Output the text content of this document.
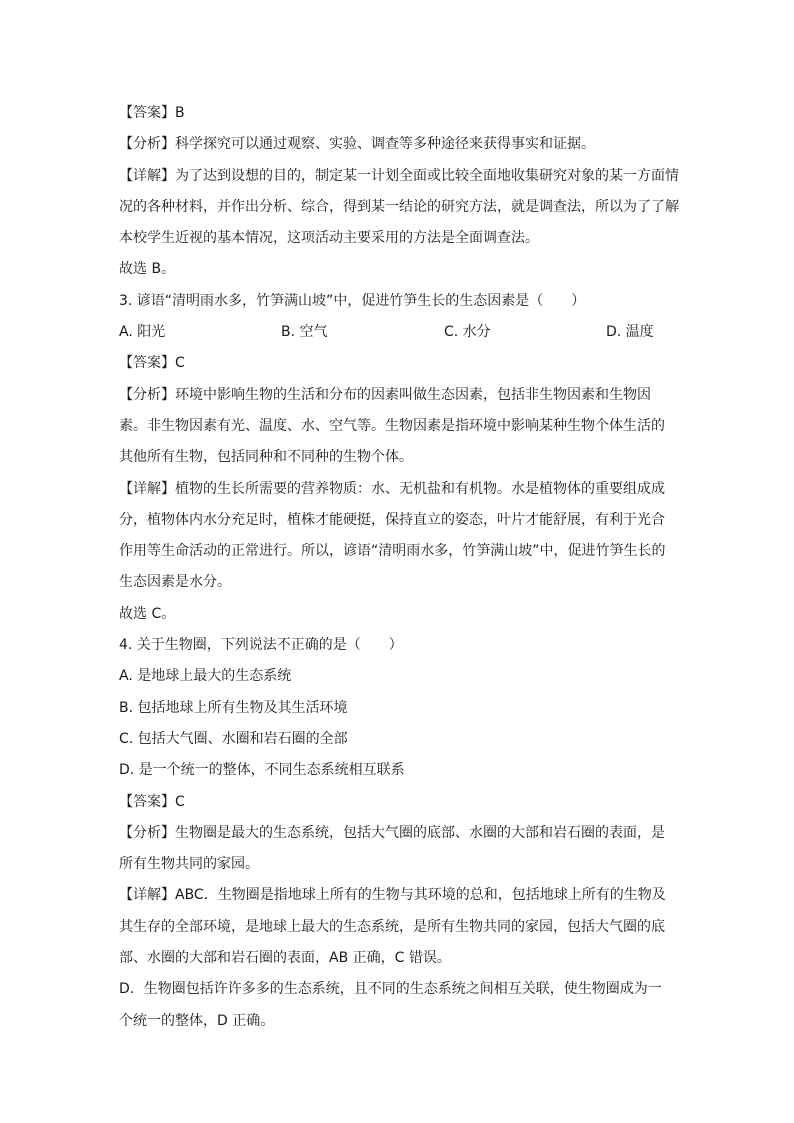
【答案】B
【分析】科学探究可以通过观察、实验、调查等多种途径来获得事实和证据。
【详解】为了达到设想的目的，制定某一计划全面或比较全面地收集研究对象的某一方面情
况的各种材料，并作出分析、综合，得到某一结论的研究方法，就是调查法，所以为了了解
本校学生近视的基本情况，这项活动主要采用的方法是全面调查法。
故选 B。
3. 谚语“清明雨水多，竹笋满山坡”中，促进竹笋生长的生态因素是（　　）
A. 阳光	B. 空气	C. 水分	D. 温度
【答案】C
【分析】环境中影响生物的生活和分布的因素叫做生态因素，包括非生物因素和生物因
素。非生物因素有光、温度、水、空气等。生物因素是指环境中影响某种生物个体生活的
其他所有生物，包括同种和不同种的生物个体。
【详解】植物的生长所需要的营养物质：水、无机盐和有机物。水是植物体的重要组成成
分，植物体内水分充足时，植株才能硬挺，保持直立的姿态，叶片才能舒展，有利于光合
作用等生命活动的正常进行。所以，谚语“清明雨水多，竹笋满山坡”中，促进竹笋生长的
生态因素是水分。
故选 C。
4. 关于生物圈，下列说法不正确的是（　　）
A. 是地球上最大的生态系统
B. 包括地球上所有生物及其生活环境
C. 包括大气圈、水圈和岩石圈的全部
D. 是一个统一的整体，不同生态系统相互联系
【答案】C
【分析】生物圈是最大的生态系统，包括大气圈的底部、水圈的大部和岩石圈的表面，是
所有生物共同的家园。
【详解】ABC．生物圈是指地球上所有的生物与其环境的总和，包括地球上所有的生物及
其生存的全部环境，是地球上最大的生态系统，是所有生物共同的家园，包括大气圈的底
部、水圈的大部和岩石圈的表面，AB 正确，C 错误。
D．生物圈包括许许多多的生态系统，且不同的生态系统之间相互关联，使生物圈成为一
个统一的整体，D 正确。
